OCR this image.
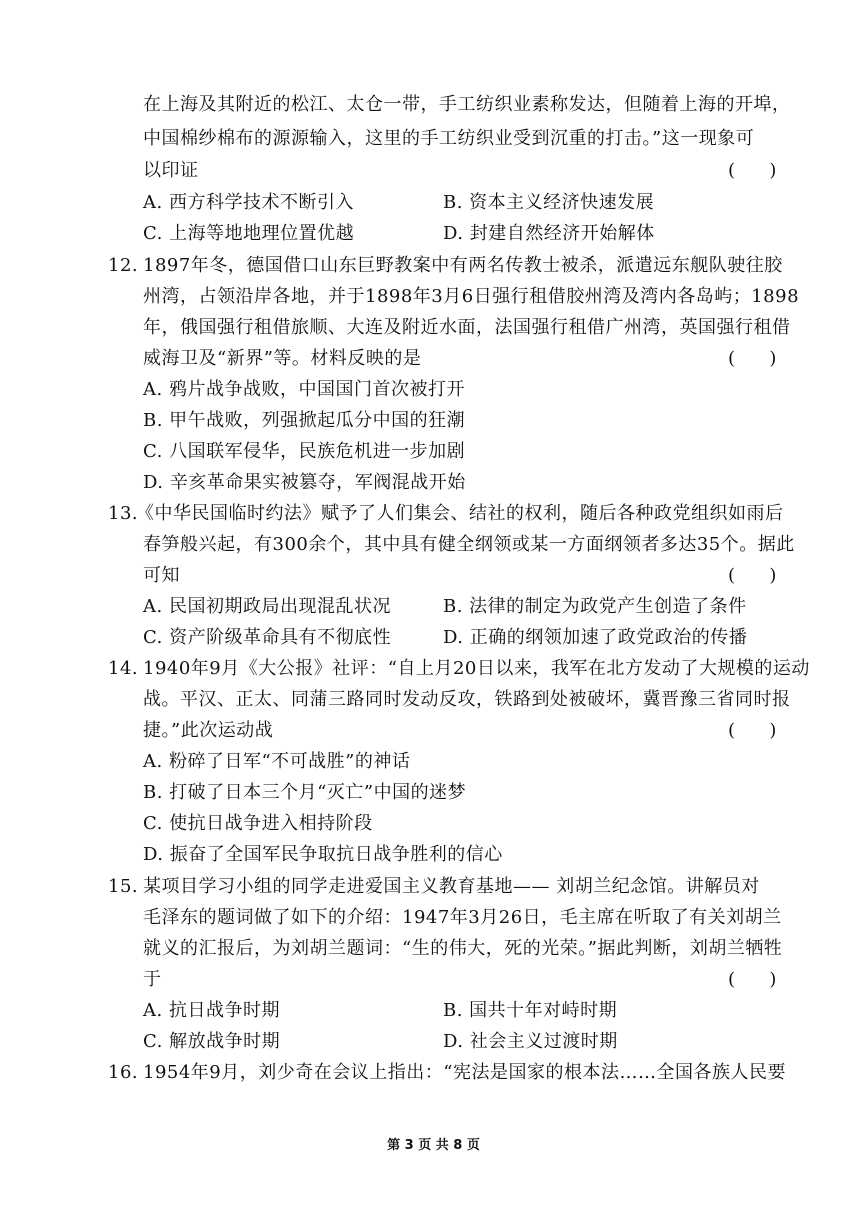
在上海及其附近的松江、太仓一带，手工纺织业素称发达，但随着上海的开埠，
中国棉纱棉布的源源输入，这里的手工纺织业受到沉重的打击。”这一现象可
以印证	(      )
A. 西方科学技术不断引入	B. 资本主义经济快速发展
C. 上海等地地理位置优越	D. 封建自然经济开始解体
12. 1897年冬，德国借口山东巨野教案中有两名传教士被杀，派遣远东舰队驶往胶
州湾，占领沿岸各地，并于1898年3月6日强行租借胶州湾及湾内各岛屿；1898
年，俄国强行租借旅顺、大连及附近水面，法国强行租借广州湾，英国强行租借
威海卫及“新界”等。材料反映的是	(      )
A. 鸦片战争战败，中国国门首次被打开
B. 甲午战败，列强掀起瓜分中国的狂潮
C. 八国联军侵华，民族危机进一步加剧
D. 辛亥革命果实被篡夺，军阀混战开始
13.
《中华民国临时约法》赋予了人们集会、结社的权利，随后各种政党组织如雨后
春笋般兴起，有300余个，其中具有健全纲领或某一方面纲领者多达35个。据此
可知	(      )
A. 民国初期政局出现混乱状况	B. 法律的制定为政党产生创造了条件
C. 资产阶级革命具有不彻底性	D. 正确的纲领加速了政党政治的传播
14. 1940年9月《大公报》社评：“自上月20日以来，我军在北方发动了大规模的运动
战。平汉、正太、同蒲三路同时发动反攻，铁路到处被破坏，冀晋豫三省同时报
捷。”此次运动战	(      )
A. 粉碎了日军“不可战胜”的神话
B. 打破了日本三个月“灭亡”中国的迷梦
C. 使抗日战争进入相持阶段
D. 振奋了全国军民争取抗日战争胜利的信心
15. 某项目学习小组的同学走进爱国主义教育基地—— 刘胡兰纪念馆。讲解员对
毛泽东的题词做了如下的介绍：1947年3月26日，毛主席在听取了有关刘胡兰
就义的汇报后，为刘胡兰题词：“生的伟大，死的光荣。”据此判断，刘胡兰牺牲
于	(      )
A. 抗日战争时期	B. 国共十年对峙时期
C. 解放战争时期	D. 社会主义过渡时期
16. 1954年9月，刘少奇在会议上指出：“宪法是国家的根本法……全国各族人民要
第 3 页 共 8 页
